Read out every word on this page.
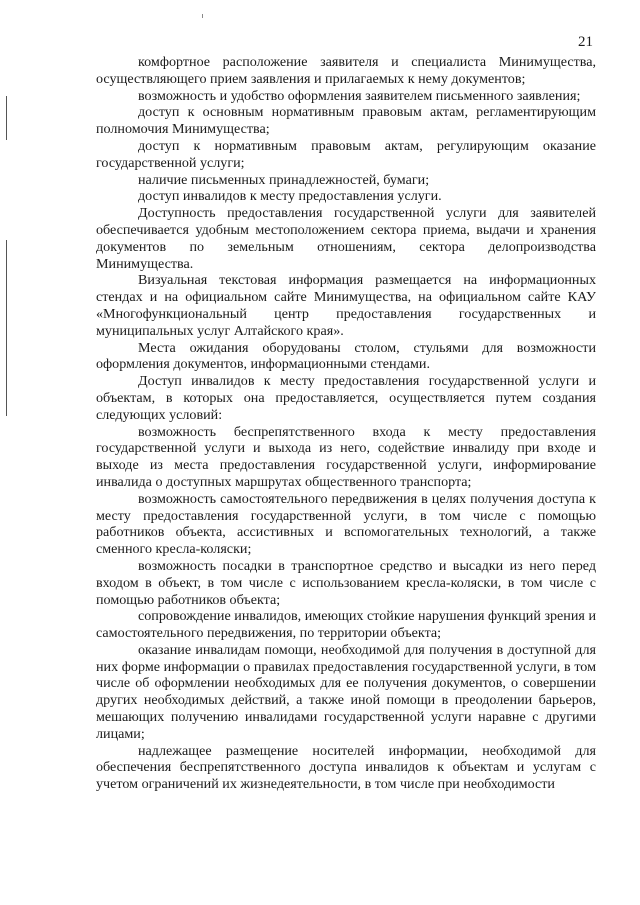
21

комфортное расположение заявителя и специалиста Минимущества, осуществляющего прием заявления и прилагаемых к нему документов;

возможность и удобство оформления заявителем письменного заявления;

доступ к основным нормативным правовым актам, регламентирующим полномочия Минимущества;

доступ к нормативным правовым актам, регулирующим оказание государственной услуги;

наличие письменных принадлежностей, бумаги;

доступ инвалидов к месту предоставления услуги.

Доступность предоставления государственной услуги для заявителей обеспечивается удобным местоположением сектора приема, выдачи и хранения документов по земельным отношениям, сектора делопроизводства Минимущества.

Визуальная текстовая информация размещается на информационных стендах и на официальном сайте Минимущества, на официальном сайте КАУ «Многофункциональный центр предоставления государственных и муниципальных услуг Алтайского края».

Места ожидания оборудованы столом, стульями для возможности оформления документов, информационными стендами.

Доступ инвалидов к месту предоставления государственной услуги и объектам, в которых она предоставляется, осуществляется путем создания следующих условий:

возможность беспрепятственного входа к месту предоставления государственной услуги и выхода из него, содействие инвалиду при входе и выходе из места предоставления государственной услуги, информирование инвалида о доступных маршрутах общественного транспорта;

возможность самостоятельного передвижения в целях получения доступа к месту предоставления государственной услуги, в том числе с помощью работников объекта, ассистивных и вспомогательных технологий, а также сменного кресла-коляски;

возможность посадки в транспортное средство и высадки из него перед входом в объект, в том числе с использованием кресла-коляски, в том числе с помощью работников объекта;

сопровождение инвалидов, имеющих стойкие нарушения функций зрения и самостоятельного передвижения, по территории объекта;

оказание инвалидам помощи, необходимой для получения в доступной для них форме информации о правилах предоставления государственной услуги, в том числе об оформлении необходимых для ее получения документов, о совершении других необходимых действий, а также иной помощи в преодолении барьеров, мешающих получению инвалидами государственной услуги наравне с другими лицами;

надлежащее размещение носителей информации, необходимой для обеспечения беспрепятственного доступа инвалидов к объектам и услугам с учетом ограничений их жизнедеятельности, в том числе при необходимости
